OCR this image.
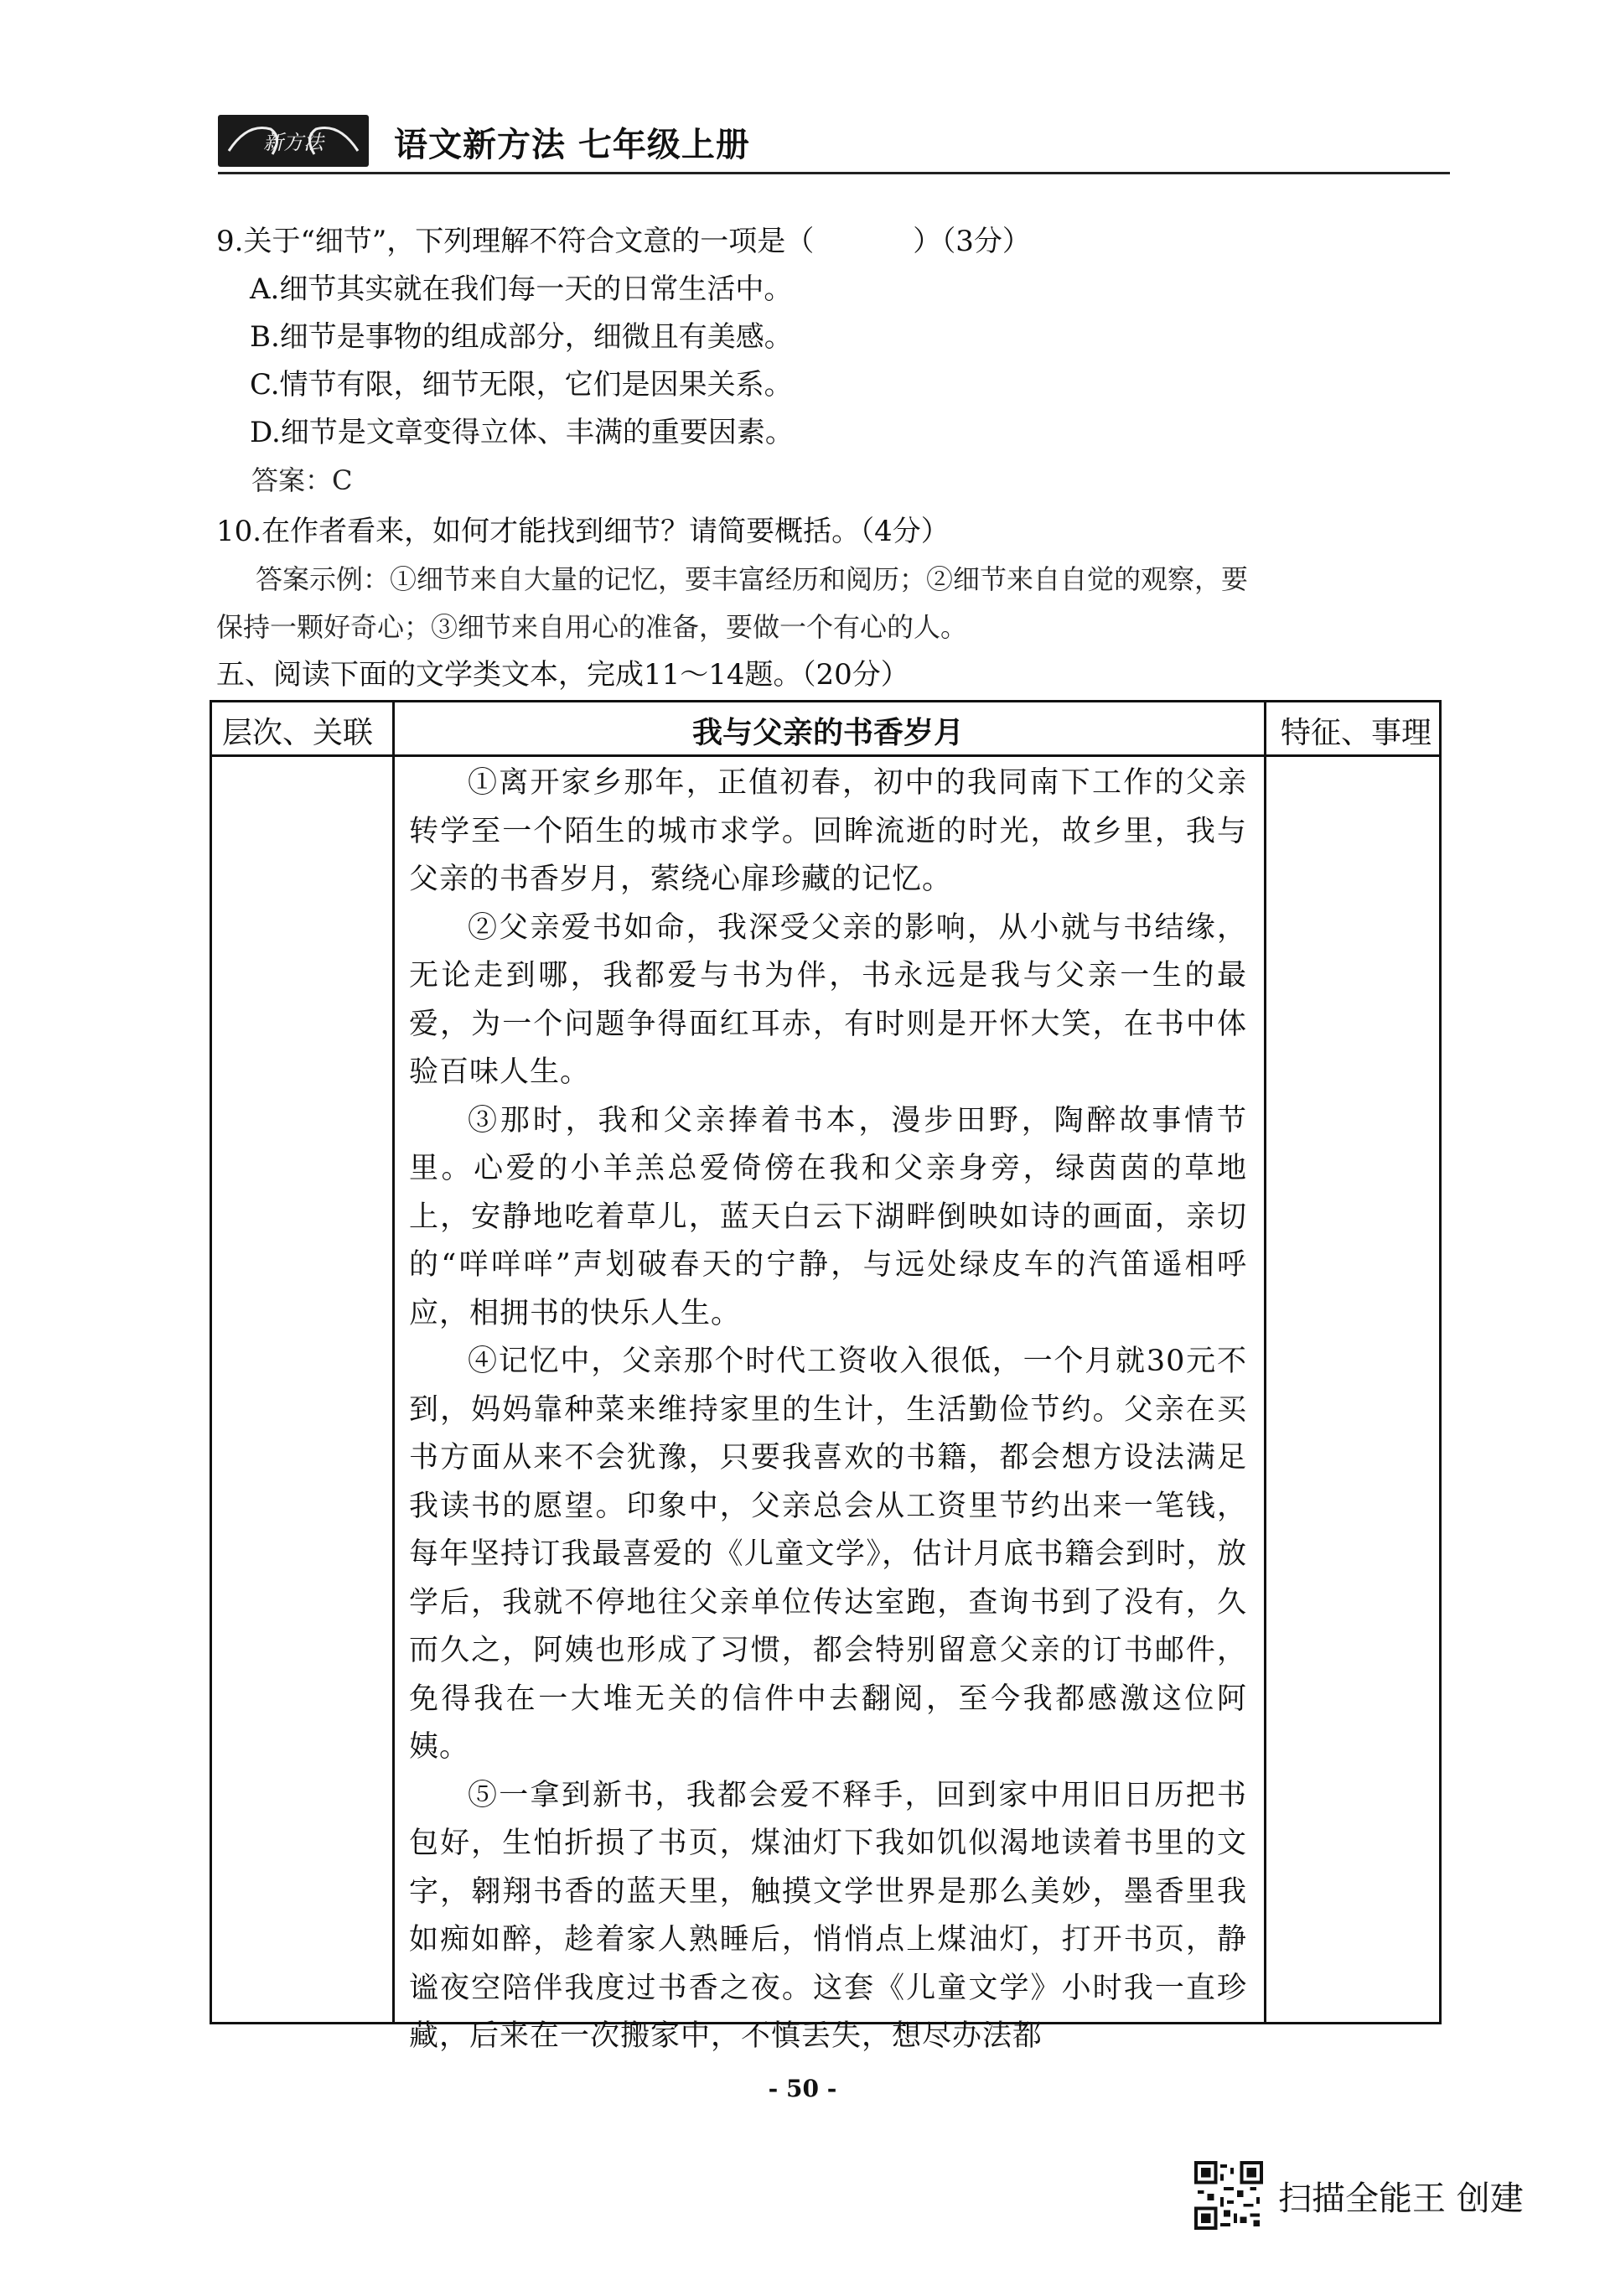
新方法 语文新方法 七年级上册
9.关于“细节”，下列理解不符合文意的一项是（	）（3分）
A.细节其实就在我们每一天的日常生活中。
B.细节是事物的组成部分，细微且有美感。
C.情节有限，细节无限，它们是因果关系。
D.细节是文章变得立体、丰满的重要因素。
答案：C
10.在作者看来，如何才能找到细节？请简要概括。（4分）
答案示例：①细节来自大量的记忆，要丰富经历和阅历；②细节来自自觉的观察，要
保持一颗好奇心；③细节来自用心的准备，要做一个有心的人。
五、阅读下面的文学类文本，完成11～14题。（20分）
层次、关联	我与父亲的书香岁月	特征、事理

①离开家乡那年，正值初春，初中的我同南下工作的父亲转学至一个陌生的城市求学。回眸流逝的时光，故乡里，我与父亲的书香岁月，萦绕心扉珍藏的记忆。

②父亲爱书如命，我深受父亲的影响，从小就与书结缘，无论走到哪，我都爱与书为伴，书永远是我与父亲一生的最爱，为一个问题争得面红耳赤，有时则是开怀大笑，在书中体验百味人生。

③那时，我和父亲捧着书本，漫步田野，陶醉故事情节里。心爱的小羊羔总爱倚傍在我和父亲身旁，绿茵茵的草地上，安静地吃着草儿，蓝天白云下湖畔倒映如诗的画面，亲切的“咩咩咩”声划破春天的宁静，与远处绿皮车的汽笛遥相呼应，相拥书的快乐人生。

④记忆中，父亲那个时代工资收入很低，一个月就30元不到，妈妈靠种菜来维持家里的生计，生活勤俭节约。父亲在买书方面从来不会犹豫，只要我喜欢的书籍，都会想方设法满足我读书的愿望。印象中，父亲总会从工资里节约出来一笔钱，每年坚持订我最喜爱的《儿童文学》，估计月底书籍会到时，放学后，我就不停地往父亲单位传达室跑，查询书到了没有，久而久之，阿姨也形成了习惯，都会特别留意父亲的订书邮件，免得我在一大堆无关的信件中去翻阅，至今我都感激这位阿姨。

⑤一拿到新书，我都会爱不释手，回到家中用旧日历把书包好，生怕折损了书页，煤油灯下我如饥似渴地读着书里的文字，翱翔书香的蓝天里，触摸文学世界是那么美妙，墨香里我如痴如醉，趁着家人熟睡后，悄悄点上煤油灯，打开书页，静谧夜空陪伴我度过书香之夜。这套《儿童文学》小时我一直珍藏，后来在一次搬家中，不慎丢失，想尽办法都

- 50 -
扫描全能王 创建
